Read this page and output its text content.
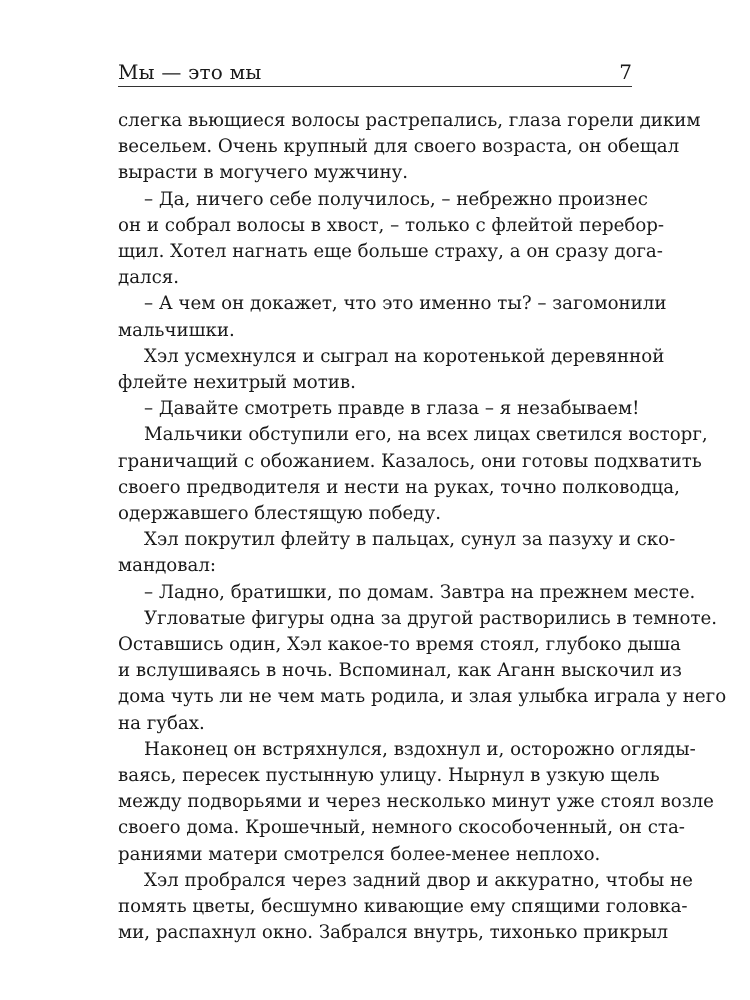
Мы — это мы	7
слегка вьющиеся волосы растрепались, глаза горели диким
весельем. Очень крупный для своего возраста, он обещал
вырасти в могучего мужчину.
– Да, ничего себе получилось, – небрежно произнес
он и собрал волосы в хвост, – только с флейтой перебор-
щил. Хотел нагнать еще больше страху, а он сразу дога-
дался.
– А чем он докажет, что это именно ты? – загомонили
мальчишки.
Хэл усмехнулся и сыграл на коротенькой деревянной
флейте нехитрый мотив.
– Давайте смотреть правде в глаза – я незабываем!
Мальчики обступили его, на всех лицах светился восторг,
граничащий с обожанием. Казалось, они готовы подхватить
своего предводителя и нести на руках, точно полководца,
одержавшего блестящую победу.
Хэл покрутил флейту в пальцах, сунул за пазуху и ско-
мандовал:
– Ладно, братишки, по домам. Завтра на прежнем месте.
Угловатые фигуры одна за другой растворились в темноте.
Оставшись один, Хэл какое-то время стоял, глубоко дыша
и вслушиваясь в ночь. Вспоминал, как Аганн выскочил из
дома чуть ли не чем мать родила, и злая улыбка играла у него
на губах.
Наконец он встряхнулся, вздохнул и, осторожно огляды-
ваясь, пересек пустынную улицу. Нырнул в узкую щель
между подворьями и через несколько минут уже стоял возле
своего дома. Крошечный, немного скособоченный, он ста-
раниями матери смотрелся более-менее неплохо.
Хэл пробрался через задний двор и аккуратно, чтобы не
помять цветы, бесшумно кивающие ему спящими головка-
ми, распахнул окно. Забрался внутрь, тихонько прикрыл
